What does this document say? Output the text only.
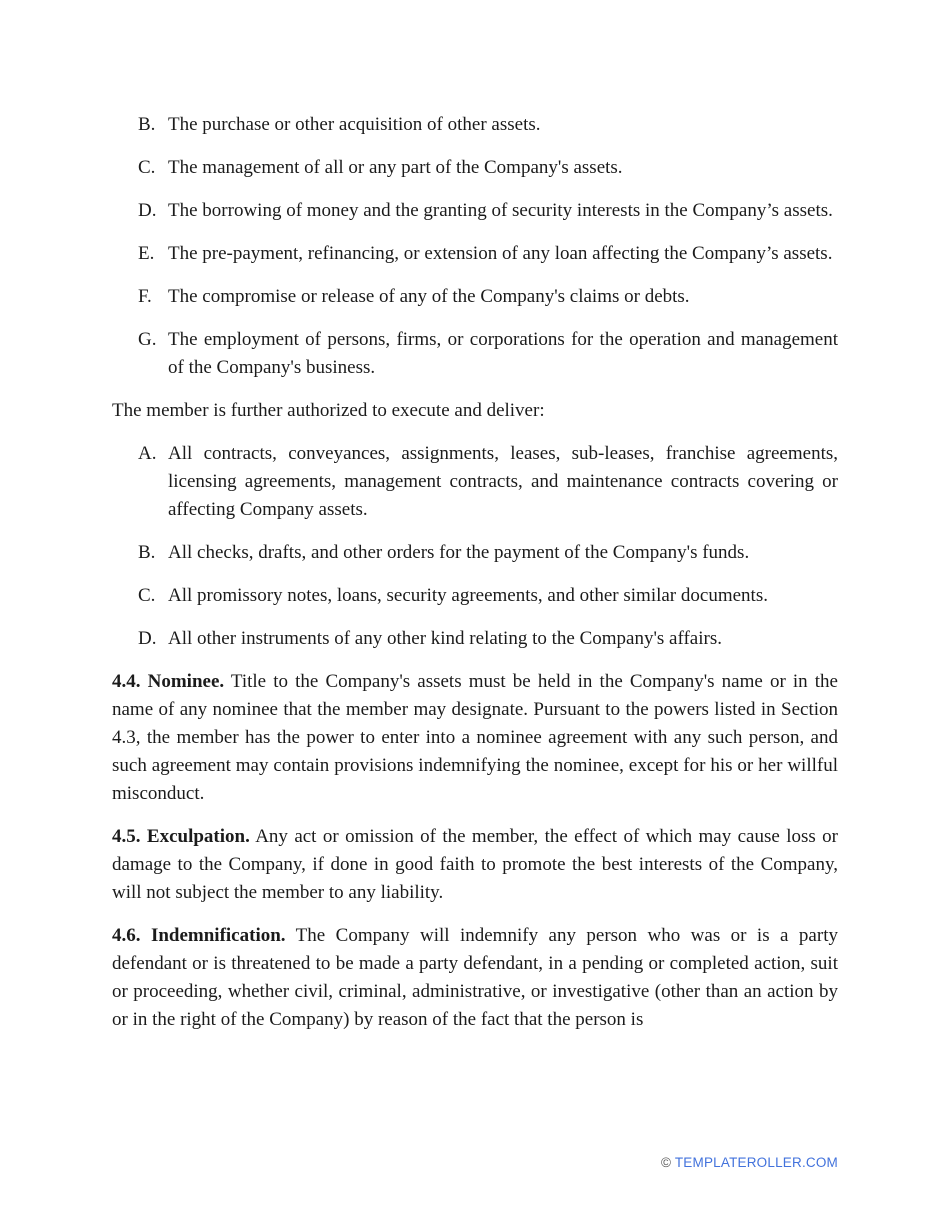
B. The purchase or other acquisition of other assets.
C. The management of all or any part of the Company's assets.
D. The borrowing of money and the granting of security interests in the Company’s assets.
E. The pre-payment, refinancing, or extension of any loan affecting the Company’s assets.
F. The compromise or release of any of the Company's claims or debts.
G. The employment of persons, firms, or corporations for the operation and management of the Company's business.

The member is further authorized to execute and deliver:

A. All contracts, conveyances, assignments, leases, sub-leases, franchise agreements, licensing agreements, management contracts, and maintenance contracts covering or affecting Company assets.
B. All checks, drafts, and other orders for the payment of the Company's funds.
C. All promissory notes, loans, security agreements, and other similar documents.
D. All other instruments of any other kind relating to the Company's affairs.

4.4. Nominee. Title to the Company's assets must be held in the Company's name or in the name of any nominee that the member may designate. Pursuant to the powers listed in Section 4.3, the member has the power to enter into a nominee agreement with any such person, and such agreement may contain provisions indemnifying the nominee, except for his or her willful misconduct.

4.5. Exculpation. Any act or omission of the member, the effect of which may cause loss or damage to the Company, if done in good faith to promote the best interests of the Company, will not subject the member to any liability.

4.6. Indemnification. The Company will indemnify any person who was or is a party defendant or is threatened to be made a party defendant, in a pending or completed action, suit or proceeding, whether civil, criminal, administrative, or investigative (other than an action by or in the right of the Company) by reason of the fact that the person is

© TEMPLATEROLLER.COM
